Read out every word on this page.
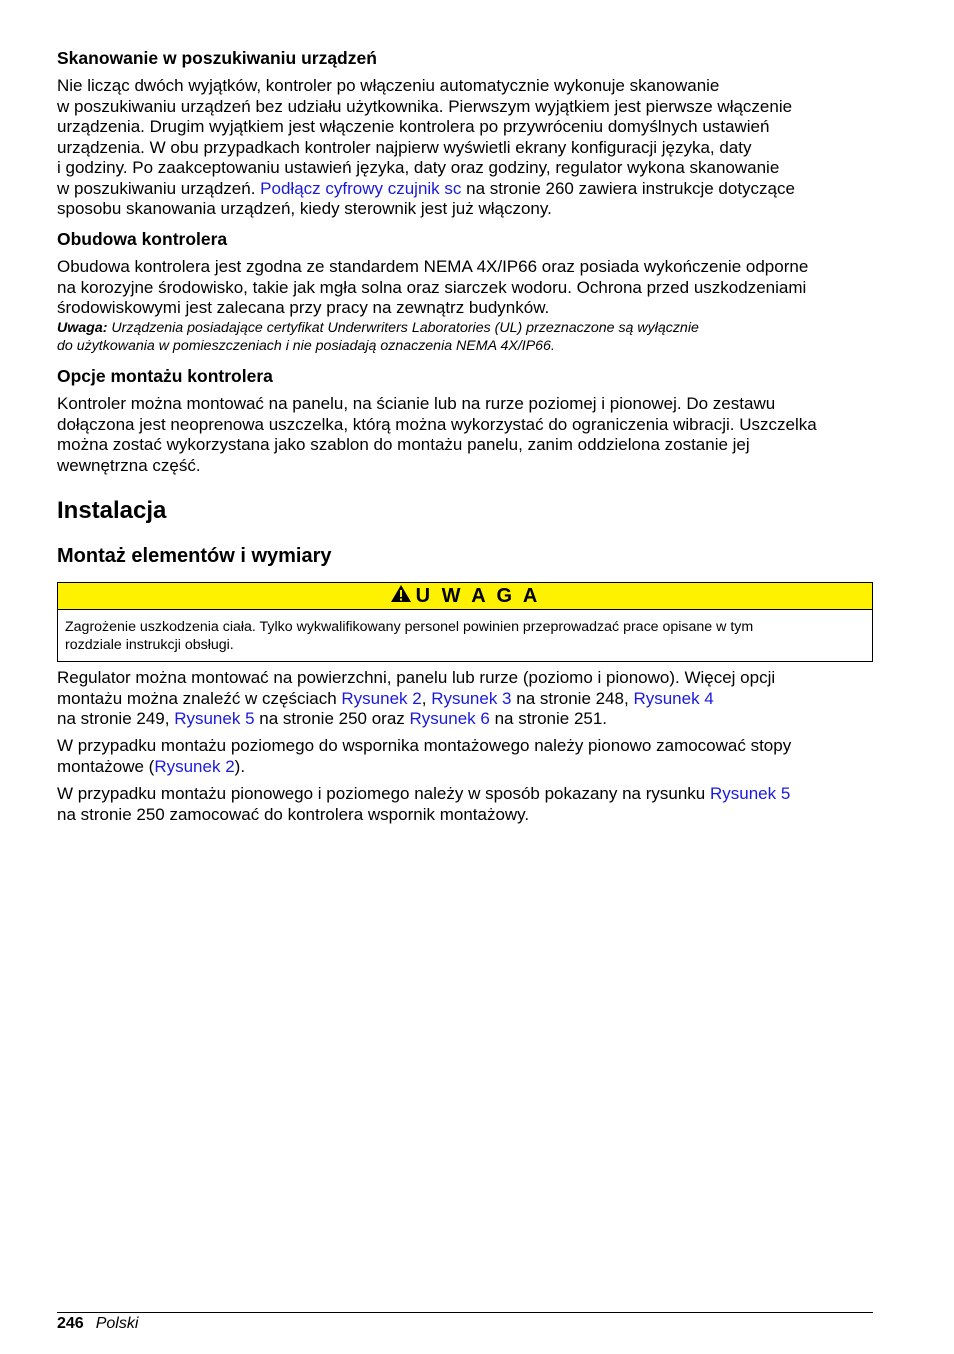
Skanowanie w poszukiwaniu urządzeń
Nie licząc dwóch wyjątków, kontroler po włączeniu automatycznie wykonuje skanowanie
w poszukiwaniu urządzeń bez udziału użytkownika. Pierwszym wyjątkiem jest pierwsze włączenie
urządzenia. Drugim wyjątkiem jest włączenie kontrolera po przywróceniu domyślnych ustawień
urządzenia. W obu przypadkach kontroler najpierw wyświetli ekrany konfiguracji języka, daty
i godziny. Po zaakceptowaniu ustawień języka, daty oraz godziny, regulator wykona skanowanie
w poszukiwaniu urządzeń. Podłącz cyfrowy czujnik sc na stronie 260 zawiera instrukcje dotyczące
sposobu skanowania urządzeń, kiedy sterownik jest już włączony.
Obudowa kontrolera
Obudowa kontrolera jest zgodna ze standardem NEMA 4X/IP66 oraz posiada wykończenie odporne
na korozyjne środowisko, takie jak mgła solna oraz siarczek wodoru. Ochrona przed uszkodzeniami
środowiskowymi jest zalecana przy pracy na zewnątrz budynków.
Uwaga: Urządzenia posiadające certyfikat Underwriters Laboratories (UL) przeznaczone są wyłącznie
do użytkowania w pomieszczeniach i nie posiadają oznaczenia NEMA 4X/IP66.
Opcje montażu kontrolera
Kontroler można montować na panelu, na ścianie lub na rurze poziomej i pionowej. Do zestawu
dołączona jest neoprenowa uszczelka, którą można wykorzystać do ograniczenia wibracji. Uszczelka
można zostać wykorzystana jako szablon do montażu panelu, zanim oddzielona zostanie jej
wewnętrzna część.
Instalacja
Montaż elementów i wymiary
U W A G A
Zagrożenie uszkodzenia ciała. Tylko wykwalifikowany personel powinien przeprowadzać prace opisane w tym
rozdziale instrukcji obsługi.
Regulator można montować na powierzchni, panelu lub rurze (poziomo i pionowo). Więcej opcji
montażu można znaleźć w częściach Rysunek 2, Rysunek 3 na stronie 248, Rysunek 4
na stronie 249, Rysunek 5 na stronie 250 oraz Rysunek 6 na stronie 251.
W przypadku montażu poziomego do wspornika montażowego należy pionowo zamocować stopy
montażowe (Rysunek 2).
W przypadku montażu pionowego i poziomego należy w sposób pokazany na rysunku Rysunek 5
na stronie 250 zamocować do kontrolera wspornik montażowy.
246 Polski
